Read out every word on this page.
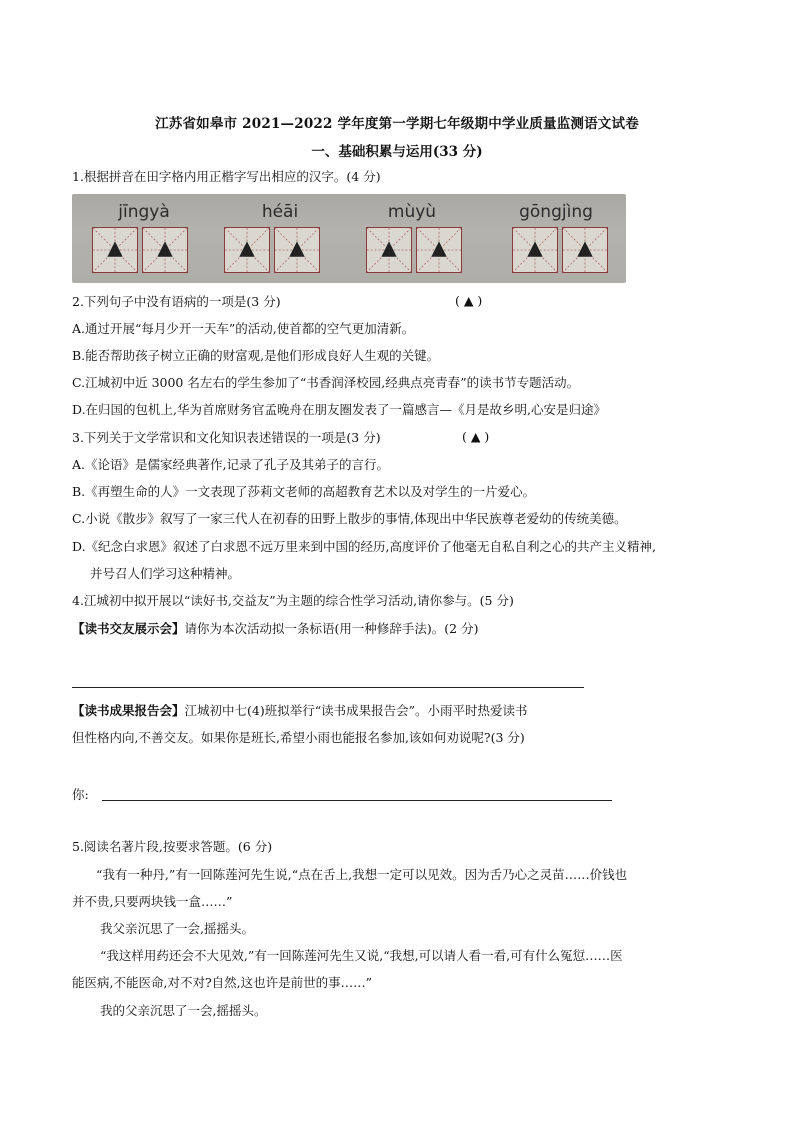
江苏省如皋市 2021—2022 学年度第一学期七年级期中学业质量监测语文试卷
一、基础积累与运用(33 分)
1.根据拼音在田字格内用正楷字写出相应的汉字。(4 分)
jīngyà	héāi	mùyù	gōngjìng
2.下列句子中没有语病的一项是(3 分)	( ▲ )
A.通过开展“每月少开一天车”的活动,使首都的空气更加清新。
B.能否帮助孩子树立正确的财富观,是他们形成良好人生观的关键。
C.江城初中近 3000 名左右的学生参加了“书香润泽校园,经典点亮青春”的读书节专题活动。
D.在归国的包机上,华为首席财务官孟晚舟在朋友圈发表了一篇感言—《月是故乡明,心安是归途》
3.下列关于文学常识和文化知识表述错误的一项是(3 分)	( ▲ )
A.《论语》是儒家经典著作,记录了孔子及其弟子的言行。
B.《再塑生命的人》一文表现了莎莉文老师的高超教育艺术以及对学生的一片爱心。
C.小说《散步》叙写了一家三代人在初春的田野上散步的事情,体现出中华民族尊老爱幼的传统美德。
D.《纪念白求恩》叙述了白求恩不远万里来到中国的经历,高度评价了他毫无自私自利之心的共产主义精神,
并号召人们学习这种精神。
4.江城初中拟开展以“读好书,交益友”为主题的综合性学习活动,请你参与。(5 分)
【读书交友展示会】请你为本次活动拟一条标语(用一种修辞手法)。(2 分)
【读书成果报告会】江城初中七(4)班拟举行“读书成果报告会”。小雨平时热爱读书
但性格内向,不善交友。如果你是班长,希望小雨也能报名参加,该如何劝说呢?(3 分)
你:
5.阅读名著片段,按要求答题。(6 分)
“我有一种丹,”有一回陈莲河先生说,“点在舌上,我想一定可以见效。因为舌乃心之灵苗……价钱也
并不贵,只要两块钱一盒……”
我父亲沉思了一会,摇摇头。
“我这样用药还会不大见效,”有一回陈莲河先生又说,“我想,可以请人看一看,可有什么冤愆……医
能医病,不能医命,对不对?自然,这也许是前世的事……”
我的父亲沉思了一会,摇摇头。
